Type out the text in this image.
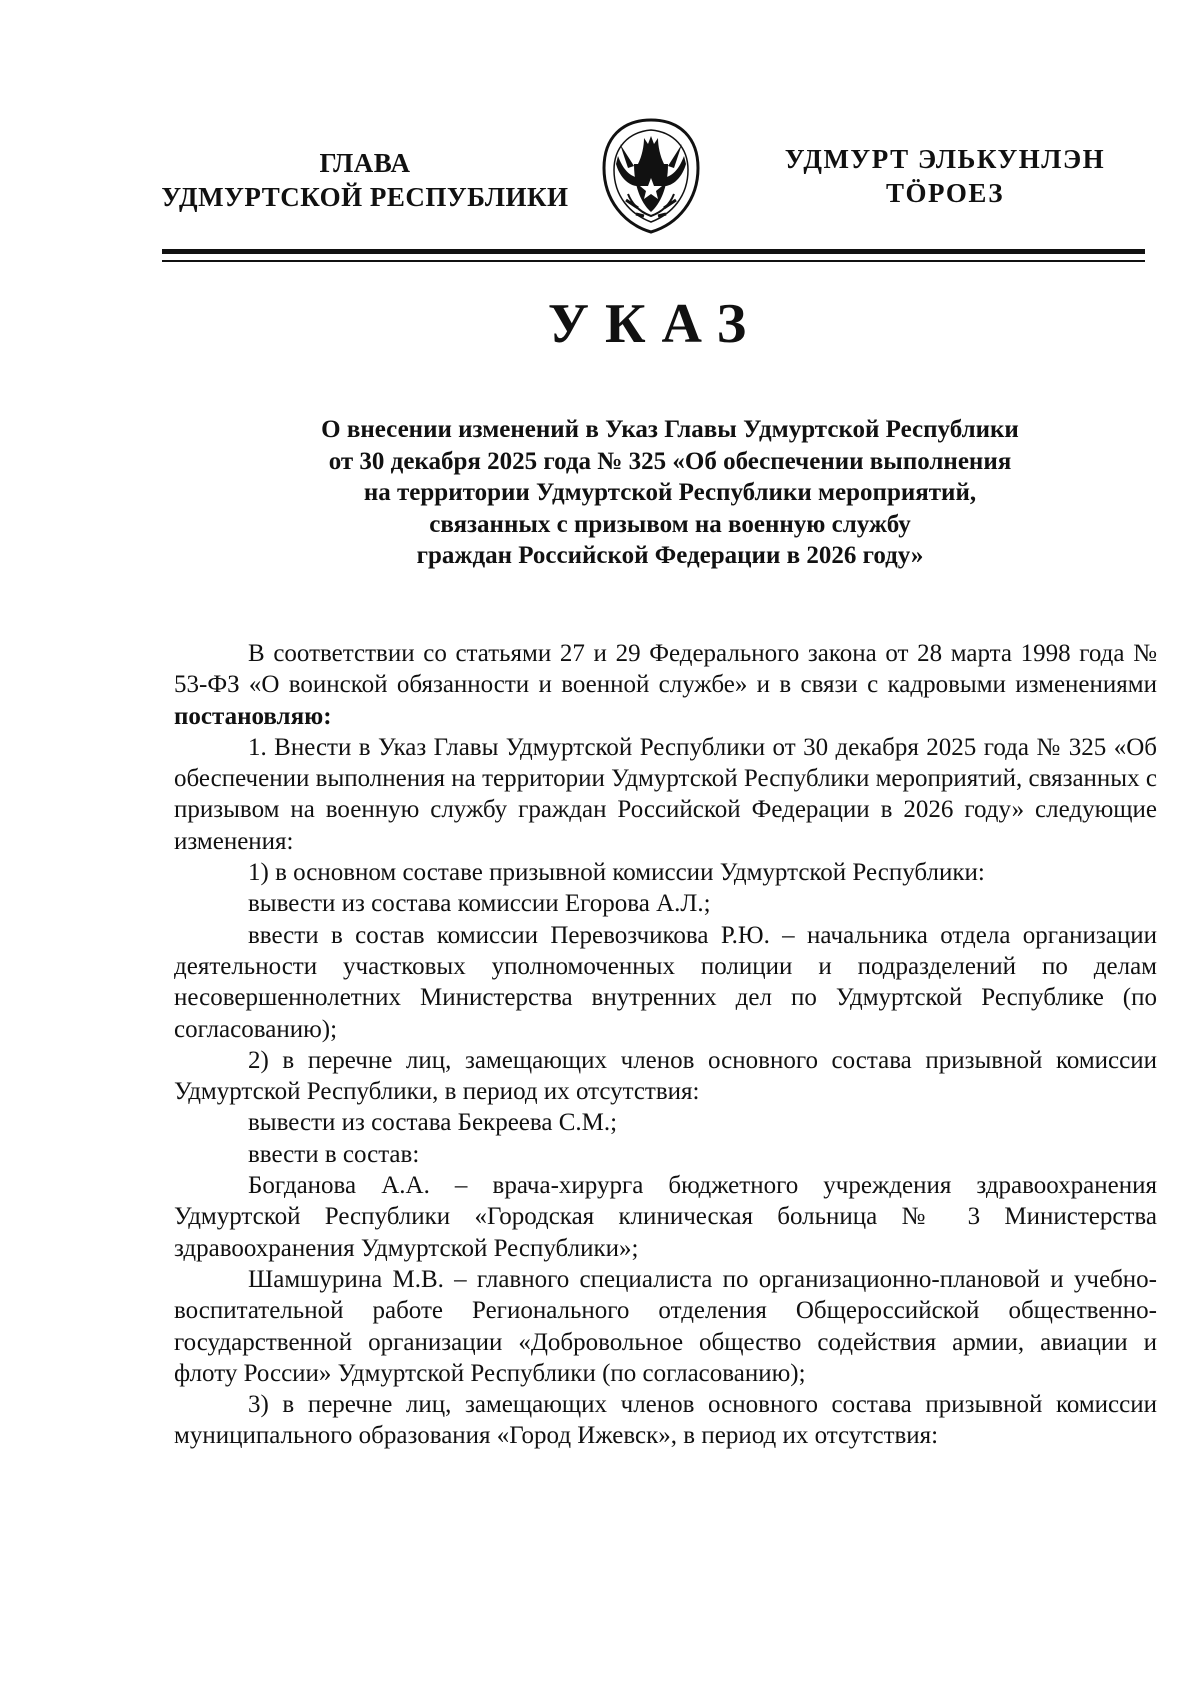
ГЛАВА
УДМУРТСКОЙ РЕСПУБЛИКИ
УДМУРТ ЭЛЬКУНЛЭН
ТӦРОЕЗ
УКАЗ
О внесении изменений в Указ Главы Удмуртской Республики
от 30 декабря 2025 года № 325 «Об обеспечении выполнения
на территории Удмуртской Республики мероприятий,
связанных с призывом на военную службу
граждан Российской Федерации в 2026 году»

В соответствии со статьями 27 и 29 Федерального закона от 28 марта 1998 года № 53-ФЗ «О воинской обязанности и военной службе» и в связи с кадровыми изменениями постановляю:

1. Внести в Указ Главы Удмуртской Республики от 30 декабря 2025 года № 325 «Об обеспечении выполнения на территории Удмуртской Республики мероприятий, связанных с призывом на военную службу граждан Российской Федерации в 2026 году» следующие изменения:

1) в основном составе призывной комиссии Удмуртской Республики:

вывести из состава комиссии Егорова А.Л.;

ввести в состав комиссии Перевозчикова Р.Ю. – начальника отдела организации деятельности участковых уполномоченных полиции и подразделений по делам несовершеннолетних Министерства внутренних дел по Удмуртской Республике (по согласованию);

2) в перечне лиц, замещающих членов основного состава призывной комиссии Удмуртской Республики, в период их отсутствия:

вывести из состава Бекреева С.М.;

ввести в состав:

Богданова А.А. – врача-хирурга бюджетного учреждения здравоохранения Удмуртской Республики «Городская клиническая больница № 3 Министерства здравоохранения Удмуртской Республики»;

Шамшурина М.В. – главного специалиста по организационно-плановой и учебно-воспитательной работе Регионального отделения Общероссийской общественно-государственной организации «Добровольное общество содействия армии, авиации и флоту России» Удмуртской Республики (по согласованию);

3) в перечне лиц, замещающих членов основного состава призывной комиссии муниципального образования «Город Ижевск», в период их отсутствия:
